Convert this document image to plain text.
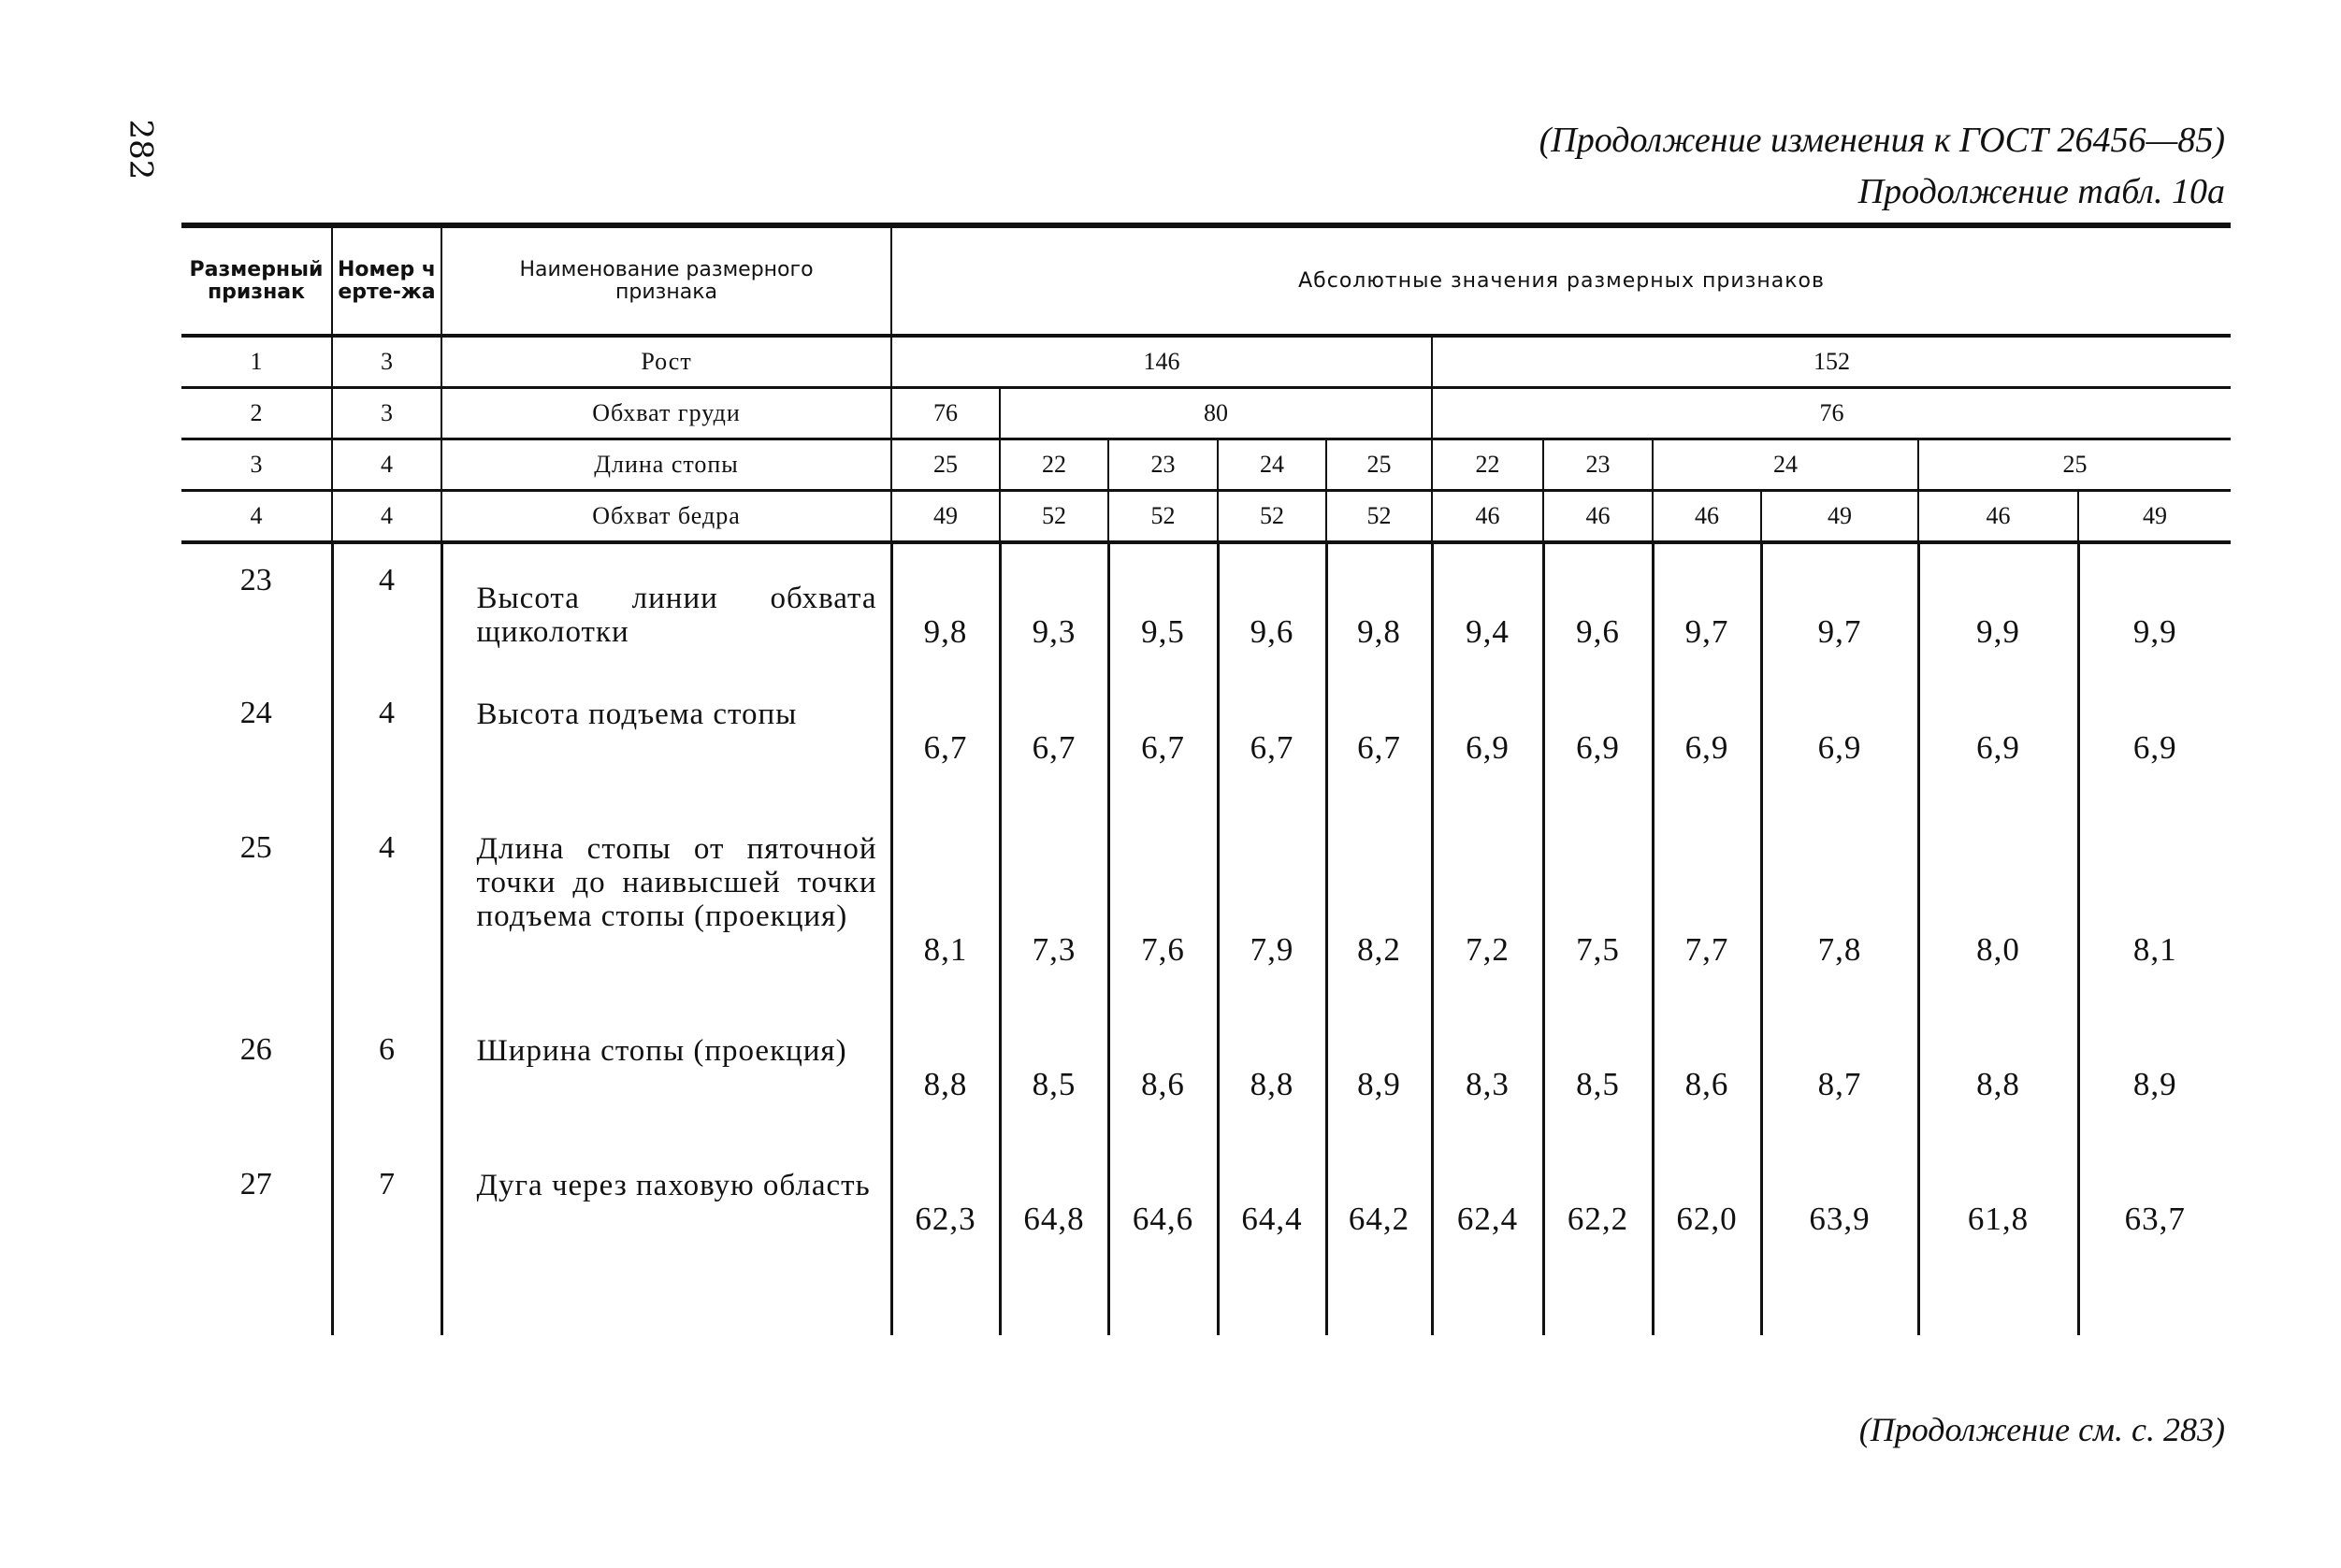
282	(Продолжение изменения к ГОСТ 26456—85)
Продолжение табл. 10а
Размерный признак	Номер черте-жа	Наименование размерного признака	Абсолютные значения размерных признаков										
1	3	Рост	146					152					
2	3	Обхват груди	76	80				76					
3	4	Длина стопы	25	22	23	24	25	22	23	24		25	
4	4	Обхват бедра	49	52	52	52	52	46	46	46	49	46	49
23	4	Высота линии обхвата щиколотки	9,8	9,3	9,5	9,6	9,8	9,4	9,6	9,7	9,7	9,9	9,9
24	4	Высота подъема стопы	6,7	6,7	6,7	6,7	6,7	6,9	6,9	6,9	6,9	6,9	6,9
25	4	Длина стопы от пяточной точки до наивысшей точки подъема стопы (проекция)	8,1	7,3	7,6	7,9	8,2	7,2	7,5	7,7	7,8	8,0	8,1
26	6	Ширина стопы (проекция)	8,8	8,5	8,6	8,8	8,9	8,3	8,5	8,6	8,7	8,8	8,9
27	7	Дуга через паховую область	62,3	64,8	64,6	64,4	64,2	62,4	62,2	62,0	63,9	61,8	63,7
(Продолжение см. с. 283)
